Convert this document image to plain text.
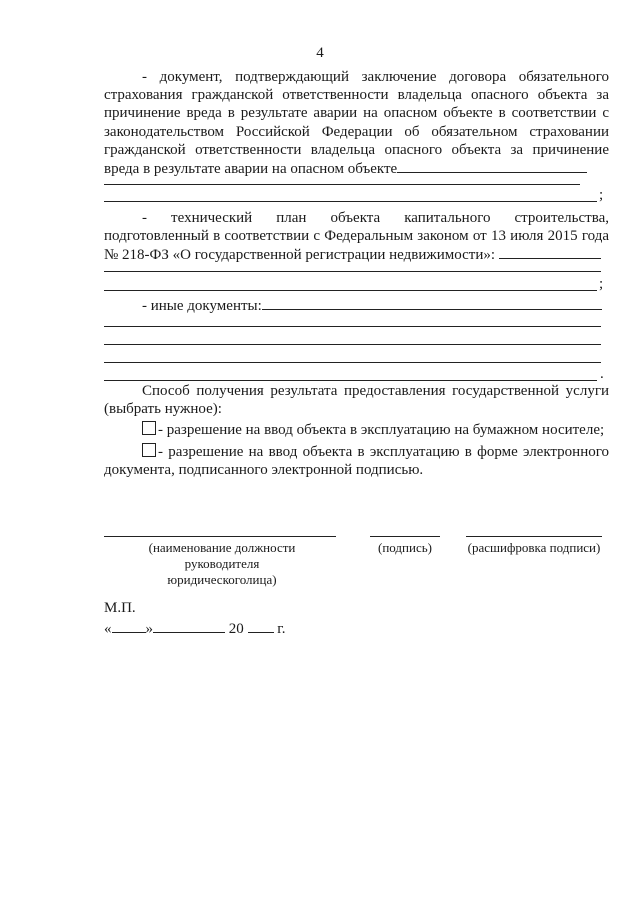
4

- документ, подтверждающий заключение договора обязательного страхования гражданской ответственности владельца опасного объекта за причинение вреда в результате аварии на опасном объекте в соответствии с законодательством Российской Федерации об обязательном страховании гражданской ответственности владельца опасного объекта за причинение вреда в результате аварии на опасном объекте

;

- технический план объекта капитального строительства, подготовленный в соответствии с Федеральным законом от 13 июля 2015 года № 218-ФЗ «О государственной регистрации недвижимости»:

;

- иные документы:

.

Способ получения результата предоставления государственной услуги (выбрать нужное):

- разрешение на ввод объекта в эксплуатацию на бумажном носителе;

- разрешение на ввод объекта в эксплуатацию в форме электронного документа, подписанного электронной подписью.

(наименование должности руководителя юридическоголица)
(подпись)	(расшифровка подписи)
М.П.
« »	20 г.
